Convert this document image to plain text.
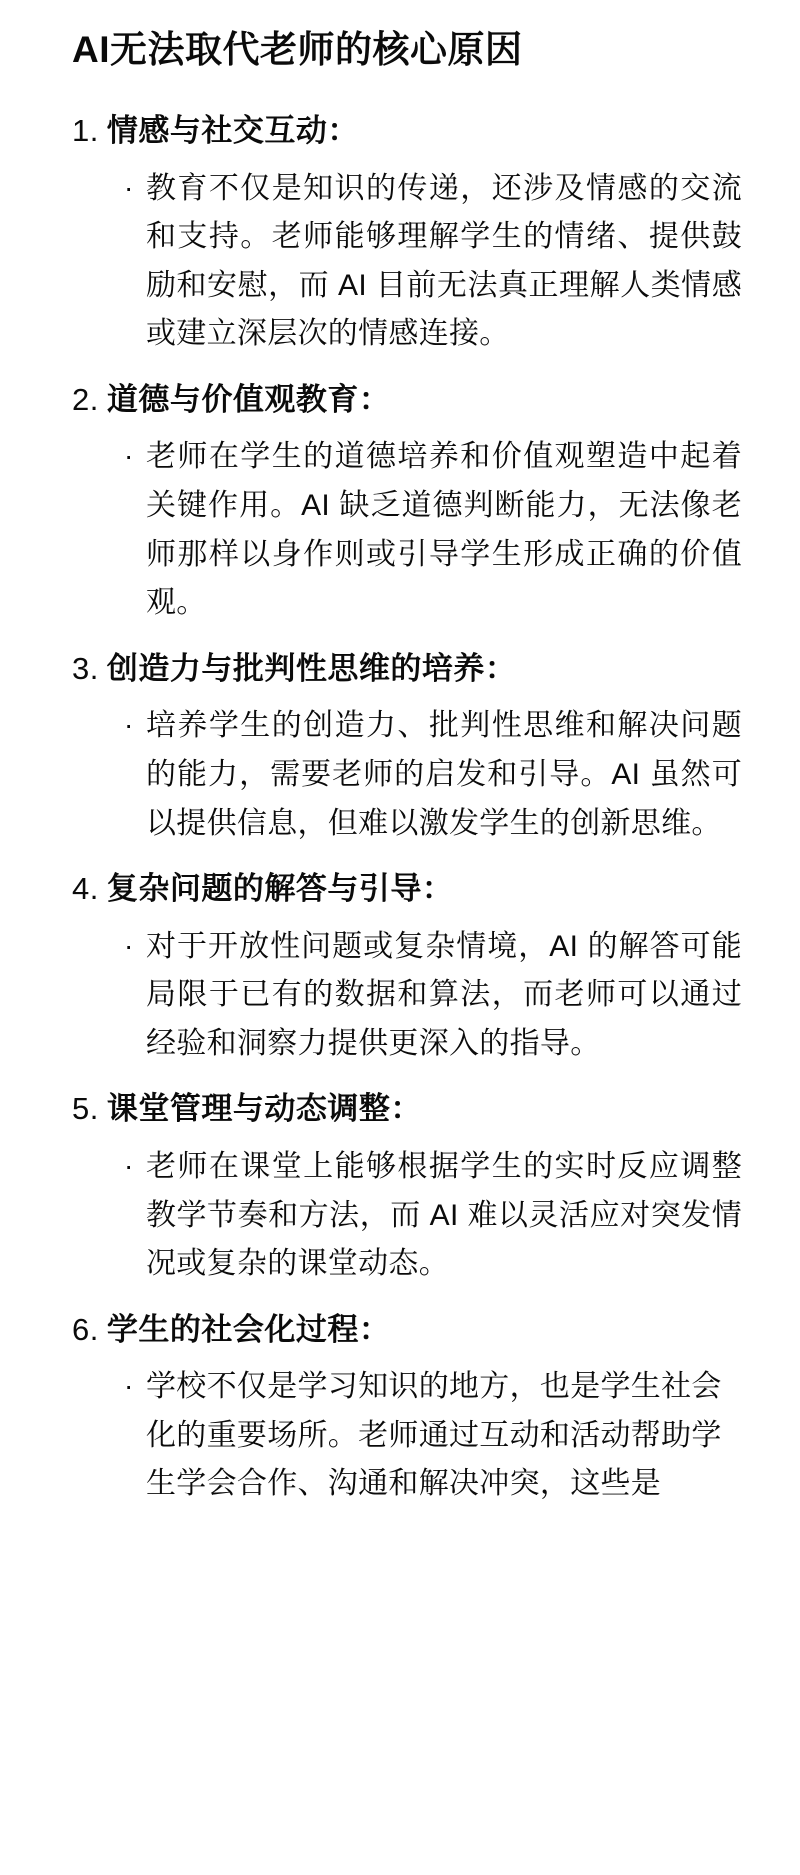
AI无法取代老师的核心原因
1. 情感与社交互动：
· 教育不仅是知识的传递，还涉及情感的交流和支持。老师能够理解学生的情绪、提供鼓励和安慰，而 AI 目前无法真正理解人类情感或建立深层次的情感连接。
2. 道德与价值观教育：
· 老师在学生的道德培养和价值观塑造中起着关键作用。AI 缺乏道德判断能力，无法像老师那样以身作则或引导学生形成正确的价值观。
3. 创造力与批判性思维的培养：
· 培养学生的创造力、批判性思维和解决问题的能力，需要老师的启发和引导。AI 虽然可以提供信息，但难以激发学生的创新思维。
4. 复杂问题的解答与引导：
· 对于开放性问题或复杂情境，AI 的解答可能局限于已有的数据和算法，而老师可以通过经验和洞察力提供更深入的指导。
5. 课堂管理与动态调整：
· 老师在课堂上能够根据学生的实时反应调整教学节奏和方法，而 AI 难以灵活应对突发情况或复杂的课堂动态。
6. 学生的社会化过程：
· 学校不仅是学习知识的地方，也是学生社会化的重要场所。老师通过互动和活动帮助学生学会合作、沟通和解决冲突，这些是
